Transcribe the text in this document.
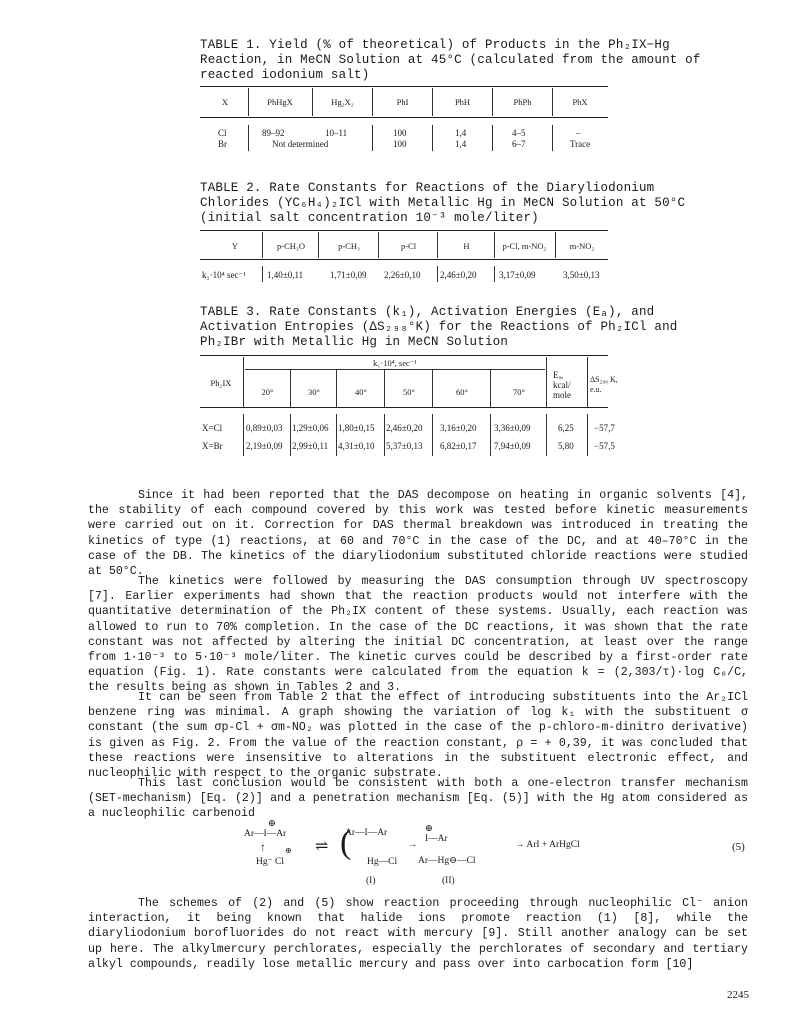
TABLE 1. Yield (% of theoretical) of Products in the Ph₂IX−Hg
Reaction, in MeCN Solution at 45°C (calculated from the amount of
reacted iodonium salt)
X	PhHgX	Hg₂X₂	PhI	PhH	PhPh	PhX
Cl	89–92	10–11	100	1,4	4–5	–
Br	Not determined	100	1,4	6–7	Trace
TABLE 2. Rate Constants for Reactions of the Diaryliodonium
Chlorides (YC₆H₄)₂ICl with Metallic Hg in MeCN Solution at 50°C
(initial salt concentration 10⁻³ mole/liter)
Y	p-CH₃O	p-CH₃	p-Cl	H	p-Cl, m-NO₂	m-NO₂
k₁·10⁴ sec⁻¹ 1,40±0,11	1,71±0,09 2,26±0,10 2,46±0,20	3,17±0,09	3,50±0,13
TABLE 3. Rate Constants (k₁), Activation Energies (Eₐ), and
Activation Entropies (ΔS₂₉₈°K) for the Reactions of Ph₂ICl and
Ph₂IBr with Metallic Hg in MeCN Solution
Ph₂IX
k₁·10⁴, sec⁻¹
20°	30°	40°	50°	60°	70°
Eₐ,
kcal/
mole
ΔS₂₉₈ K,
e.u.
X=Cl	0,89±0,03 1,29±0,06 1,80±0,15 2,46±0,20 3,16±0,20 3,36±0,09	6,25 −57,7
X=Br	2,19±0,09 2,99±0,11 4,31±0,10 5,37±0,13 6,82±0,17 7,94±0,09	5,80 −57,5
Since it had been reported that the DAS decompose on heating in organic solvents [4], the stability of each compound covered by this work was tested before kinetic measurements were carried out on it. Correction for DAS thermal breakdown was introduced in treating the kinetics of type (1) reactions, at 60 and 70°C in the case of the DC, and at 40–70°C in the case of the DB. The kinetics of the diaryliodonium substituted chloride reactions were studied at 50°C.
The kinetics were followed by measuring the DAS consumption through UV spectroscopy [7]. Earlier experiments had shown that the reaction products would not interfere with the quantitative determination of the Ph₂IX content of these systems. Usually, each reaction was allowed to run to 70% completion. In the case of the DC reactions, it was shown that the rate constant was not affected by altering the initial DC concentration, at least over the range from 1·10⁻³ to 5·10⁻³ mole/liter. The kinetic curves could be described by a first-order rate equation (Fig. 1). Rate constants were calculated from the equation k = (2,303/τ)·log C₀/C, the results being as shown in Tables 2 and 3.
It can be seen from Table 2 that the effect of introducing substituents into the Ar₂ICl benzene ring was minimal. A graph showing the variation of log k₁ with the substituent σ constant (the sum σp-Cl + σm-NO₂ was plotted in the case of the p-chloro-m-dinitro derivative) is given as Fig. 2. From the value of the reaction constant, ρ = + 0,39, it was concluded that these reactions were insensitive to alterations in the substituent electronic effect, and nucleophilic with respect to the organic substrate.
This last conclusion would be consistent with both a one-electron transfer mechanism (SET-mechanism) [Eq. (2)] and a penetration mechanism [Eq. (5)] with the Hg atom considered as a nucleophilic carbenoid
⊕
Ar—I—Ar
↑ ⊕
Hg⁻ Cl
⇌ (
Ar—I—Ar
Hg—Cl
(I)
→
⊕
I—Ar
Ar—Hg⊖—Cl
(II)
→ ArI + ArHgCl	(5)
The schemes of (2) and (5) show reaction proceeding through nucleophilic Cl⁻ anion interaction, it being known that halide ions promote reaction (1) [8], while the diaryliodonium borofluorides do not react with mercury [9]. Still another analogy can be set up here. The alkylmercury perchlorates, especially the perchlorates of secondary and tertiary alkyl compounds, readily lose metallic mercury and pass over into carbocation form [10]
2245
